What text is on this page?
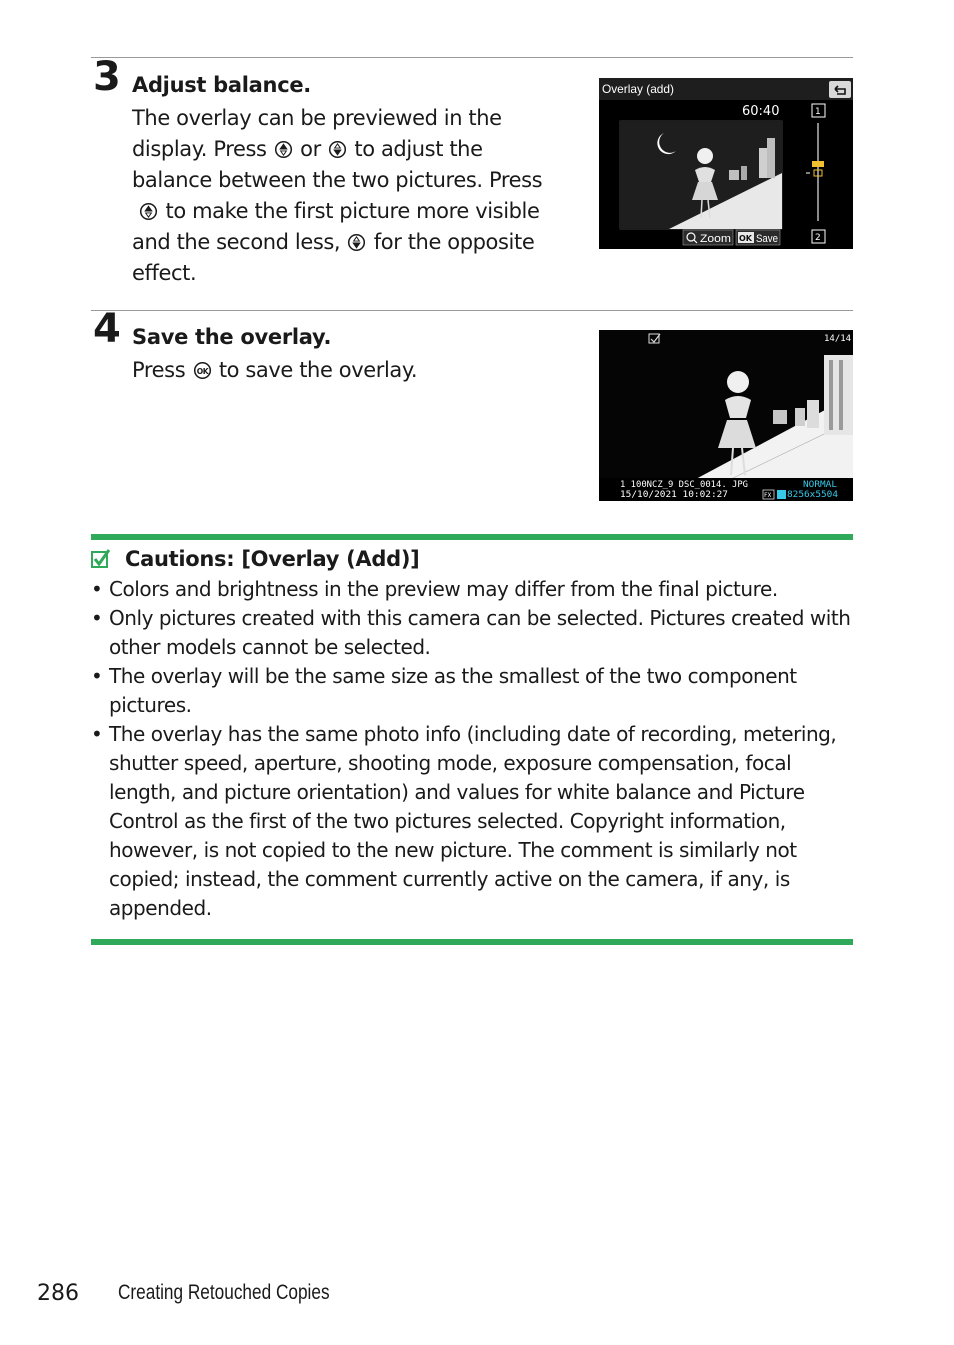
3 Adjust balance.
The overlay can be previewed in the
display. Press  or  to adjust the
balance between the two pictures. Press
to make the first picture more visible
and the second less,  for the opposite
effect.
Overlay (add)
60:40	1
2
Zoom OK Save
4 Save the overlay.
Press OK to save the overlay.
14/14
1 100NCZ_9 DSC_0014. JPG
15/10/2021 10:02:27
NORMAL
FX 8256x5504
Cautions: [Overlay (Add)]
• Colors and brightness in the preview may differ from the final picture.
• Only pictures created with this camera can be selected. Pictures created with other models cannot be selected.
• The overlay will be the same size as the smallest of the two component pictures.
• The overlay has the same photo info (including date of recording, metering, shutter speed, aperture, shooting mode, exposure compensation, focal length, and picture orientation) and values for white balance and Picture Control as the first of the two pictures selected. Copyright information, however, is not copied to the new picture. The comment is similarly not copied; instead, the comment currently active on the camera, if any, is appended.
286 Creating Retouched Copies
